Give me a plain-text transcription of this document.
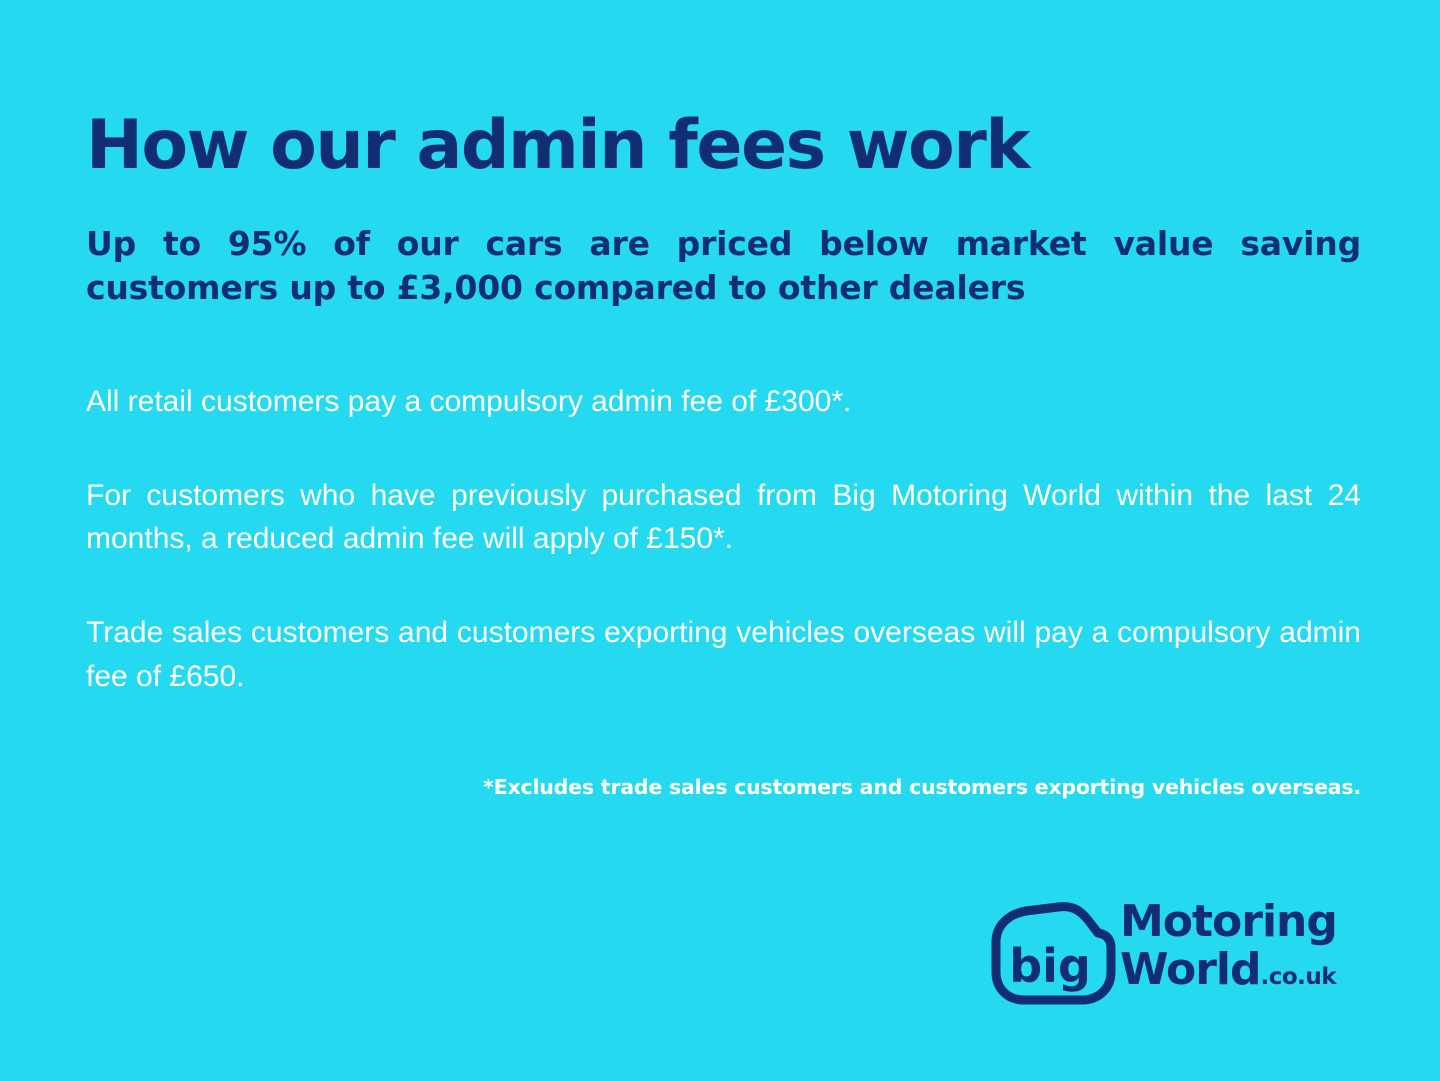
How our admin fees work

Up to 95% of our cars are priced below market value saving customers up to £3,000 compared to other dealers

All retail customers pay a compulsory admin fee of £300*.

For customers who have previously purchased from Big Motoring World within the last 24 months, a reduced admin fee will apply of £150*.

Trade sales customers and customers exporting vehicles overseas will pay a compulsory admin fee of £650.

*Excludes trade sales customers and customers exporting vehicles overseas.

big
Motoring
World.co.uk
